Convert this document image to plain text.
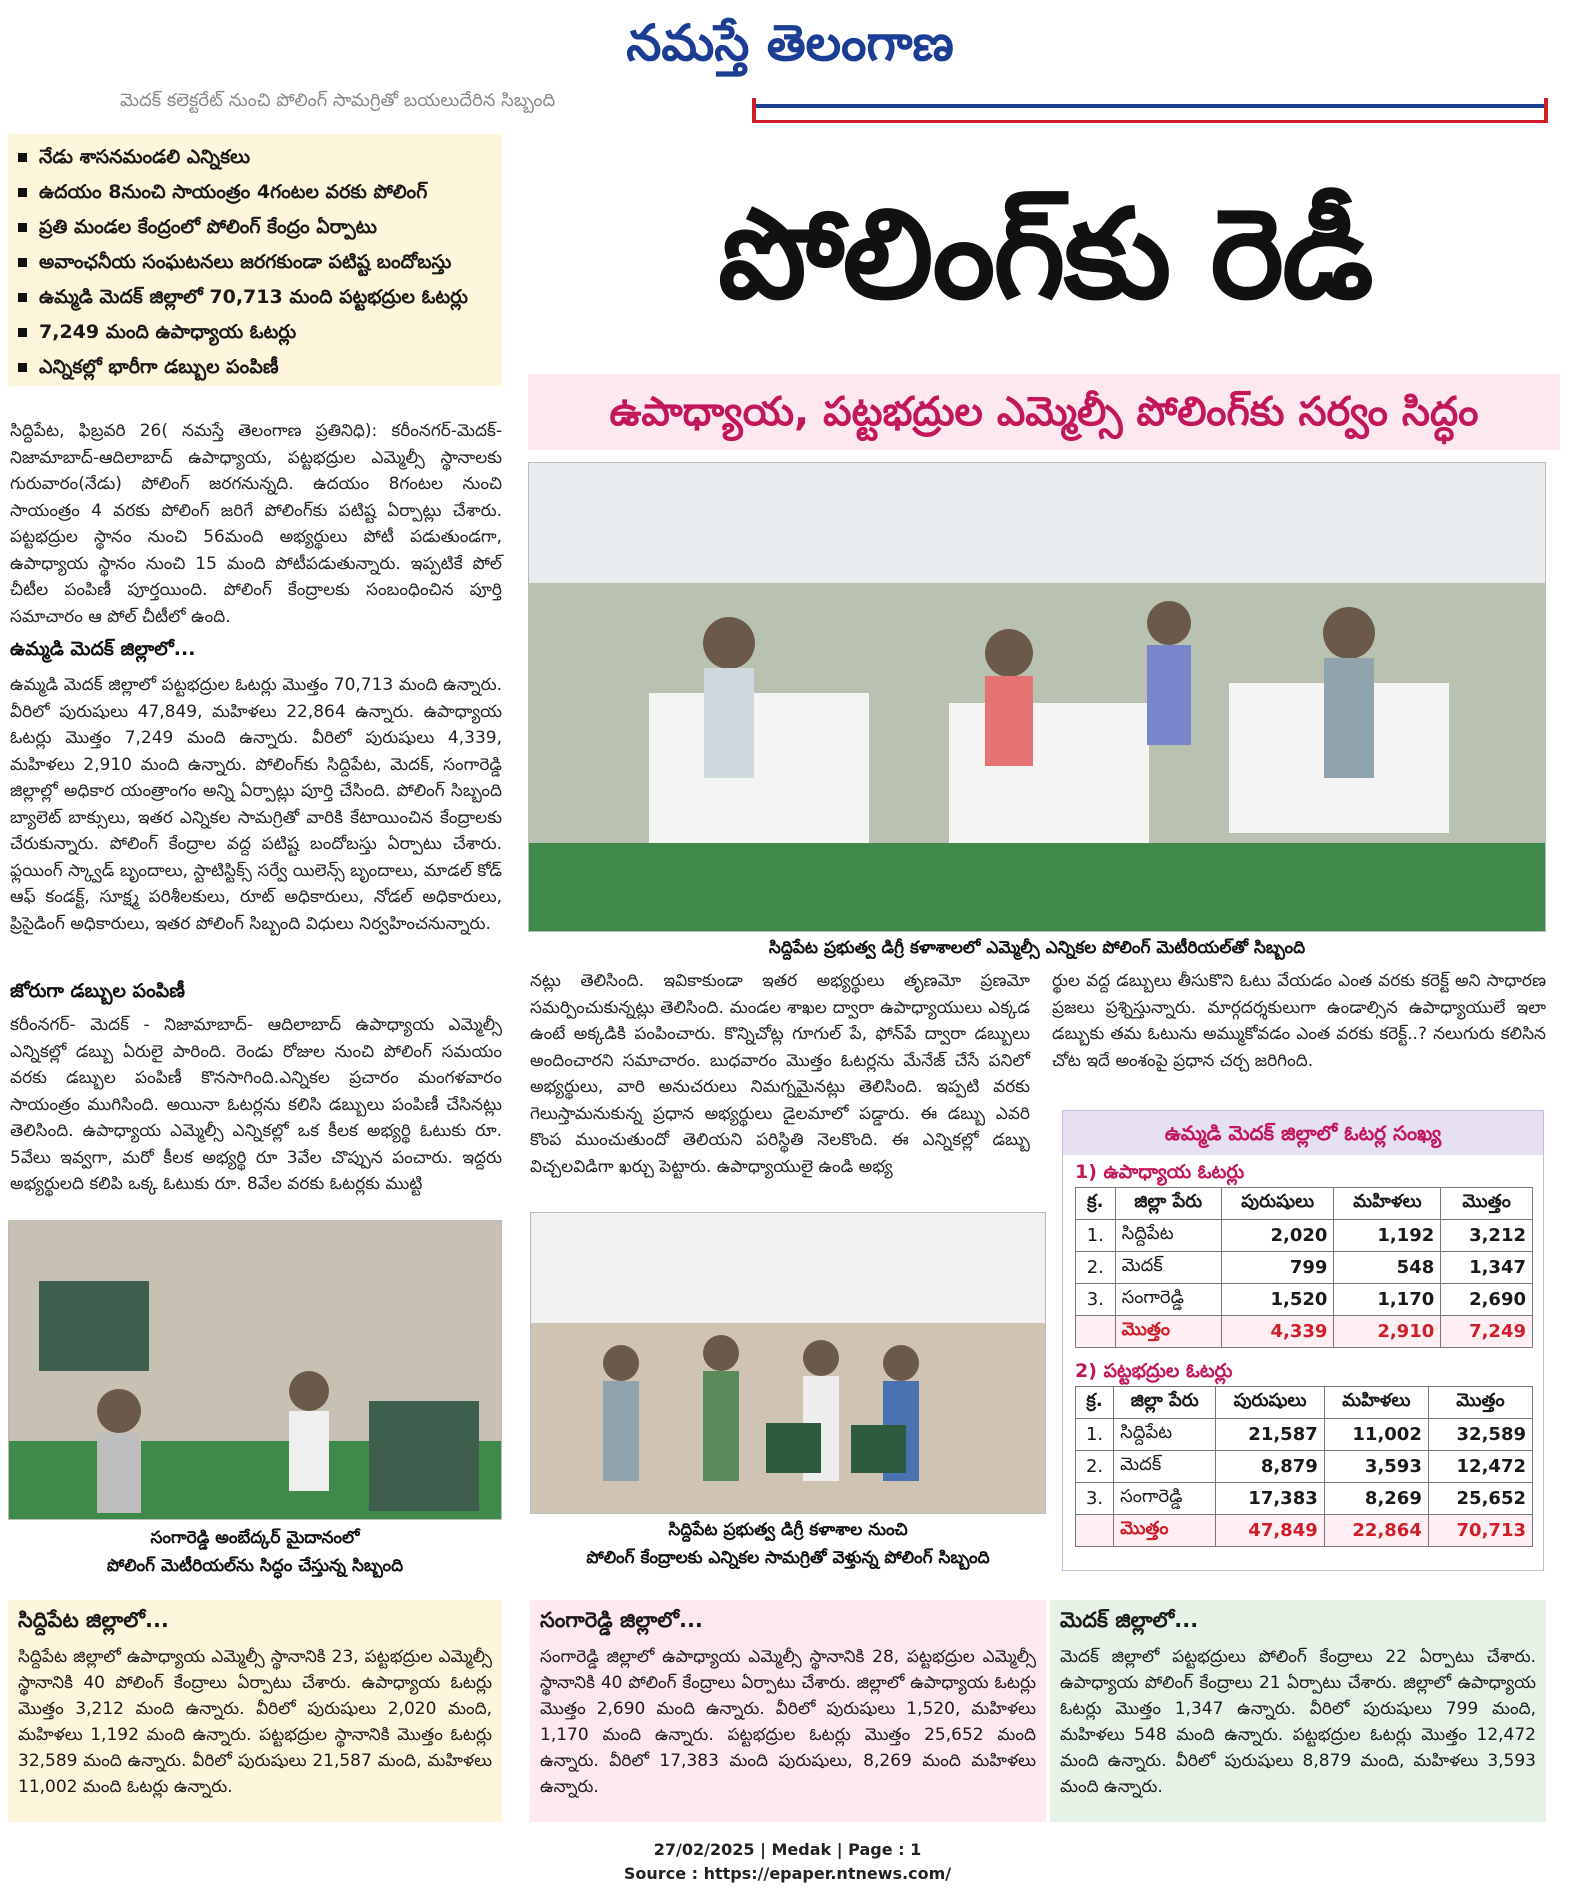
నమస్తే తెలంగాణ
మెదక్ కలెక్టరేట్ నుంచి పోలింగ్ సామగ్రితో బయలుదేరిన సిబ్బంది
నేడు శాసనమండలి ఎన్నికలు
ఉదయం 8నుంచి సాయంత్రం 4గంటల వరకు పోలింగ్
ప్రతి మండల కేంద్రంలో పోలింగ్ కేంద్రం ఏర్పాటు
అవాంఛనీయ సంఘటనలు జరగకుండా పటిష్ట బందోబస్తు
ఉమ్మడి మెదక్ జిల్లాలో 70,713 మంది పట్టభద్రుల ఓటర్లు
7,249 మంది ఉపాధ్యాయ ఓటర్లు
ఎన్నికల్లో భారీగా డబ్బుల పంపిణీ
పోలింగ్‌కు రెడీ
ఉపాధ్యాయ, పట్టభద్రుల ఎమ్మెల్సీ పోలింగ్‌కు సర్వం సిద్ధం
సిద్దిపేట, ఫిబ్రవరి 26( నమస్తే తెలంగాణ ప్రతినిధి): కరీంనగర్-మెదక్-నిజామాబాద్-ఆదిలాబాద్ ఉపాధ్యాయ, పట్టభద్రుల ఎమ్మెల్సీ స్థానాలకు గురువారం(నేడు) పోలింగ్ జరగనున్నది. ఉదయం 8గంటల నుంచి సాయంత్రం 4 వరకు పోలింగ్ జరిగే పోలింగ్‌కు పటిష్ట ఏర్పాట్లు చేశారు. పట్టభద్రుల స్థానం నుంచి 56మంది అభ్యర్థులు పోటీ పడుతుండగా, ఉపాధ్యాయ స్థానం నుంచి 15 మంది పోటీపడుతున్నారు. ఇప్పటికే పోల్ చీటీల పంపిణీ పూర్తయింది. పోలింగ్ కేంద్రాలకు సంబంధించిన పూర్తి సమాచారం ఆ పోల్ చీటీలో ఉంది.
ఉమ్మడి మెదక్ జిల్లాలో...
ఉమ్మడి మెదక్ జిల్లాలో పట్టభద్రుల ఓటర్లు మొత్తం 70,713 మంది ఉన్నారు. వీరిలో పురుషులు 47,849, మహిళలు 22,864 ఉన్నారు. ఉపాధ్యాయ ఓటర్లు మొత్తం 7,249 మంది ఉన్నారు. వీరిలో పురుషులు 4,339, మహిళలు 2,910 మంది ఉన్నారు. పోలింగ్‌కు సిద్దిపేట, మెదక్, సంగారెడ్డి జిల్లాల్లో అధికార యంత్రాంగం అన్ని ఏర్పాట్లు పూర్తి చేసింది. పోలింగ్ సిబ్బంది బ్యాలెట్ బాక్సులు, ఇతర ఎన్నికల సామగ్రితో వారికి కేటాయించిన కేంద్రాలకు చేరుకున్నారు. పోలింగ్ కేంద్రాల వద్ద పటిష్ట బందోబస్తు ఏర్పాటు చేశారు. ఫ్లయింగ్ స్క్వాడ్ బృందాలు, స్టాటిస్టిక్స్ సర్వే యిలెన్స్ బృందాలు, మాడల్ కోడ్ ఆఫ్ కండక్ట్, సూక్ష్మ పరిశీలకులు, రూట్ అధికారులు, నోడల్ అధికారులు, ప్రిసైడింగ్ అధికారులు, ఇతర పోలింగ్ సిబ్బంది విధులు నిర్వహించనున్నారు.
జోరుగా డబ్బుల పంపిణీ
కరీంనగర్- మెదక్ - నిజామాబాద్- ఆదిలాబాద్ ఉపాధ్యాయ ఎమ్మెల్సీ ఎన్నికల్లో డబ్బు ఏరులై పారింది. రెండు రోజుల నుంచి పోలింగ్ సమయం వరకు డబ్బుల పంపిణీ కొనసాగింది.ఎన్నికల ప్రచారం మంగళవారం సాయంత్రం ముగిసింది. అయినా ఓటర్లను కలిసి డబ్బులు పంపిణీ చేసినట్లు తెలిసింది. ఉపాధ్యాయ ఎమ్మెల్సీ ఎన్నికల్లో ఒక కీలక అభ్యర్థి ఓటుకు రూ. 5వేలు ఇవ్వగా, మరో కీలక అభ్యర్థి రూ 3వేల చొప్పున పంచారు. ఇద్దరు అభ్యర్థులది కలిపి ఒక్క ఓటుకు రూ. 8వేల వరకు ఓటర్లకు ముట్టి
సిద్దిపేట ప్రభుత్వ డిగ్రీ కళాశాలలో ఎమ్మెల్సీ ఎన్నికల పోలింగ్ మెటీరియల్‌తో సిబ్బంది
నట్లు తెలిసింది. ఇవికాకుండా ఇతర అభ్యర్థులు తృణమో ప్రణమో సమర్పించుకున్నట్లు తెలిసింది. మండల శాఖల ద్వారా ఉపాధ్యాయులు ఎక్కడ ఉంటే అక్కడికి పంపించారు. కొన్నిచోట్ల గూగుల్ పే, ఫోన్‌పే ద్వారా డబ్బులు అందించారని సమాచారం. బుధవారం మొత్తం ఓటర్లను మేనేజ్ చేసే పనిలో అభ్యర్థులు, వారి అనుచరులు నిమగ్నమైనట్లు తెలిసింది. ఇప్పటి వరకు గెలుస్తామనుకున్న ప్రధాన అభ్యర్థులు డైలమాలో పడ్డారు. ఈ డబ్బు ఎవరి కొంప ముంచుతుందో తెలియని పరిస్థితి నెలకొంది. ఈ ఎన్నికల్లో డబ్బు విచ్చలవిడిగా ఖర్చు పెట్టారు. ఉపాధ్యాయులై ఉండి అభ్య
ర్థుల వద్ద డబ్బులు తీసుకొని ఓటు వేయడం ఎంత వరకు కరెక్ట్ అని సాధారణ ప్రజలు ప్రశ్నిస్తున్నారు. మార్గదర్శకులుగా ఉండాల్సిన ఉపాధ్యాయులే ఇలా డబ్బుకు తమ ఓటును అమ్ముకోవడం ఎంత వరకు కరెక్ట్..? నలుగురు కలిసిన చోట ఇదే అంశంపై ప్రధాన చర్చ జరిగింది.
సంగారెడ్డి అంబేద్కర్ మైదానంలో
పోలింగ్ మెటీరియల్‌ను సిద్ధం చేస్తున్న సిబ్బంది
సిద్దిపేట ప్రభుత్వ డిగ్రీ కళాశాల నుంచి
పోలింగ్ కేంద్రాలకు ఎన్నికల సామగ్రితో వెళ్తున్న పోలింగ్ సిబ్బంది
ఉమ్మడి మెదక్ జిల్లాలో ఓటర్ల సంఖ్య
1) ఉపాధ్యాయ ఓటర్లు
క్ర.	జిల్లా పేరు	పురుషులు	మహిళలు	మొత్తం
1.	సిద్దిపేట	2,020	1,192	3,212
2.	మెదక్	799	548	1,347
3.	సంగారెడ్డి	1,520	1,170	2,690
	మొత్తం	4,339	2,910	7,249
2) పట్టభద్రుల ఓటర్లు
క్ర.	జిల్లా పేరు	పురుషులు	మహిళలు	మొత్తం
1.	సిద్దిపేట	21,587	11,002	32,589
2.	మెదక్	8,879	3,593	12,472
3.	సంగారెడ్డి	17,383	8,269	25,652
	మొత్తం	47,849	22,864	70,713
సిద్దిపేట జిల్లాలో...
సిద్దిపేట జిల్లాలో ఉపాధ్యాయ ఎమ్మెల్సీ స్థానానికి 23, పట్టభద్రుల ఎమ్మెల్సీ స్థానానికి 40 పోలింగ్ కేంద్రాలు ఏర్పాటు చేశారు. ఉపాధ్యాయ ఓటర్లు మొత్తం 3,212 మంది ఉన్నారు. వీరిలో పురుషులు 2,020 మంది, మహిళలు 1,192 మంది ఉన్నారు. పట్టభద్రుల స్థానానికి మొత్తం ఓటర్లు 32,589 మంది ఉన్నారు. వీరిలో పురుషులు 21,587 మంది, మహిళలు 11,002 మంది ఓటర్లు ఉన్నారు.
సంగారెడ్డి జిల్లాలో...
సంగారెడ్డి జిల్లాలో ఉపాధ్యాయ ఎమ్మెల్సీ స్థానానికి 28, పట్టభద్రుల ఎమ్మెల్సీ స్థానానికి 40 పోలింగ్ కేంద్రాలు ఏర్పాటు చేశారు. జిల్లాలో ఉపాధ్యాయ ఓటర్లు మొత్తం 2,690 మంది ఉన్నారు. వీరిలో పురుషులు 1,520, మహిళలు 1,170 మంది ఉన్నారు. పట్టభద్రుల ఓటర్లు మొత్తం 25,652 మంది ఉన్నారు. వీరిలో 17,383 మంది పురుషులు, 8,269 మంది మహిళలు ఉన్నారు.
మెదక్ జిల్లాలో...
మెదక్ జిల్లాలో పట్టభద్రులు పోలింగ్ కేంద్రాలు 22 ఏర్పాటు చేశారు. ఉపాధ్యాయ పోలింగ్ కేంద్రాలు 21 ఏర్పాటు చేశారు. జిల్లాలో ఉపాధ్యాయ ఓటర్లు మొత్తం 1,347 ఉన్నారు. వీరిలో పురుషులు 799 మంది, మహిళలు 548 మంది ఉన్నారు. పట్టభద్రుల ఓటర్లు మొత్తం 12,472 మంది ఉన్నారు. వీరిలో పురుషులు 8,879 మంది, మహిళలు 3,593 మంది ఉన్నారు.
27/02/2025 | Medak | Page : 1
Source : https://epaper.ntnews.com/
